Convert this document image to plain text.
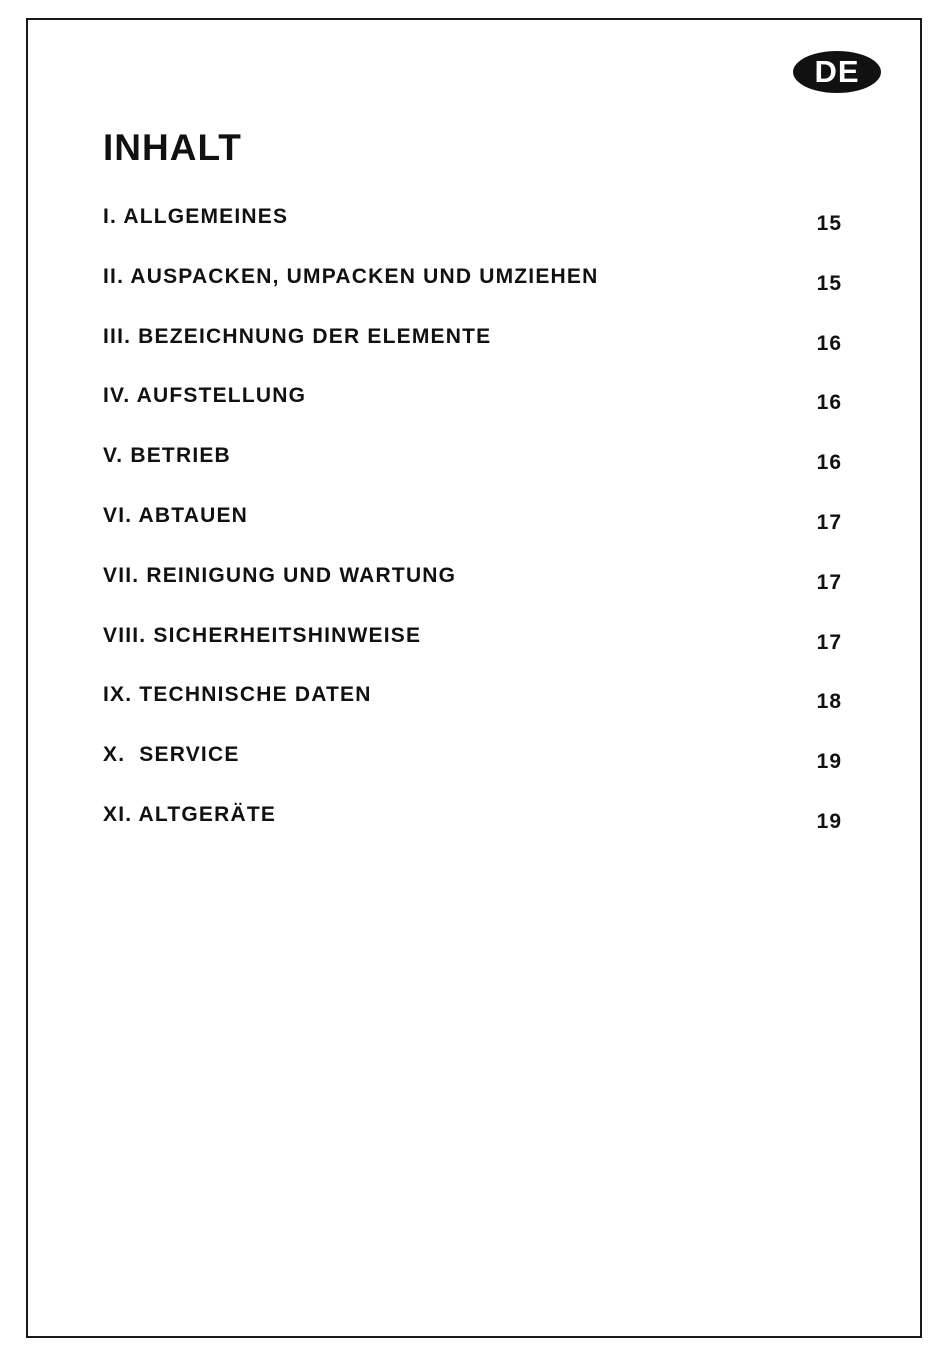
DE
INHALT
I. ALLGEMEINES	15
II. AUSPACKEN, UMPACKEN UND UMZIEHEN	15
III. BEZEICHNUNG DER ELEMENTE	16
IV. AUFSTELLUNG	16
V. BETRIEB	16
VI. ABTAUEN	17
VII. REINIGUNG UND WARTUNG	17
VIII. SICHERHEITSHINWEISE	17
IX. TECHNISCHE DATEN	18
X.  SERVICE	19
XI. ALTGERÄTE	19
